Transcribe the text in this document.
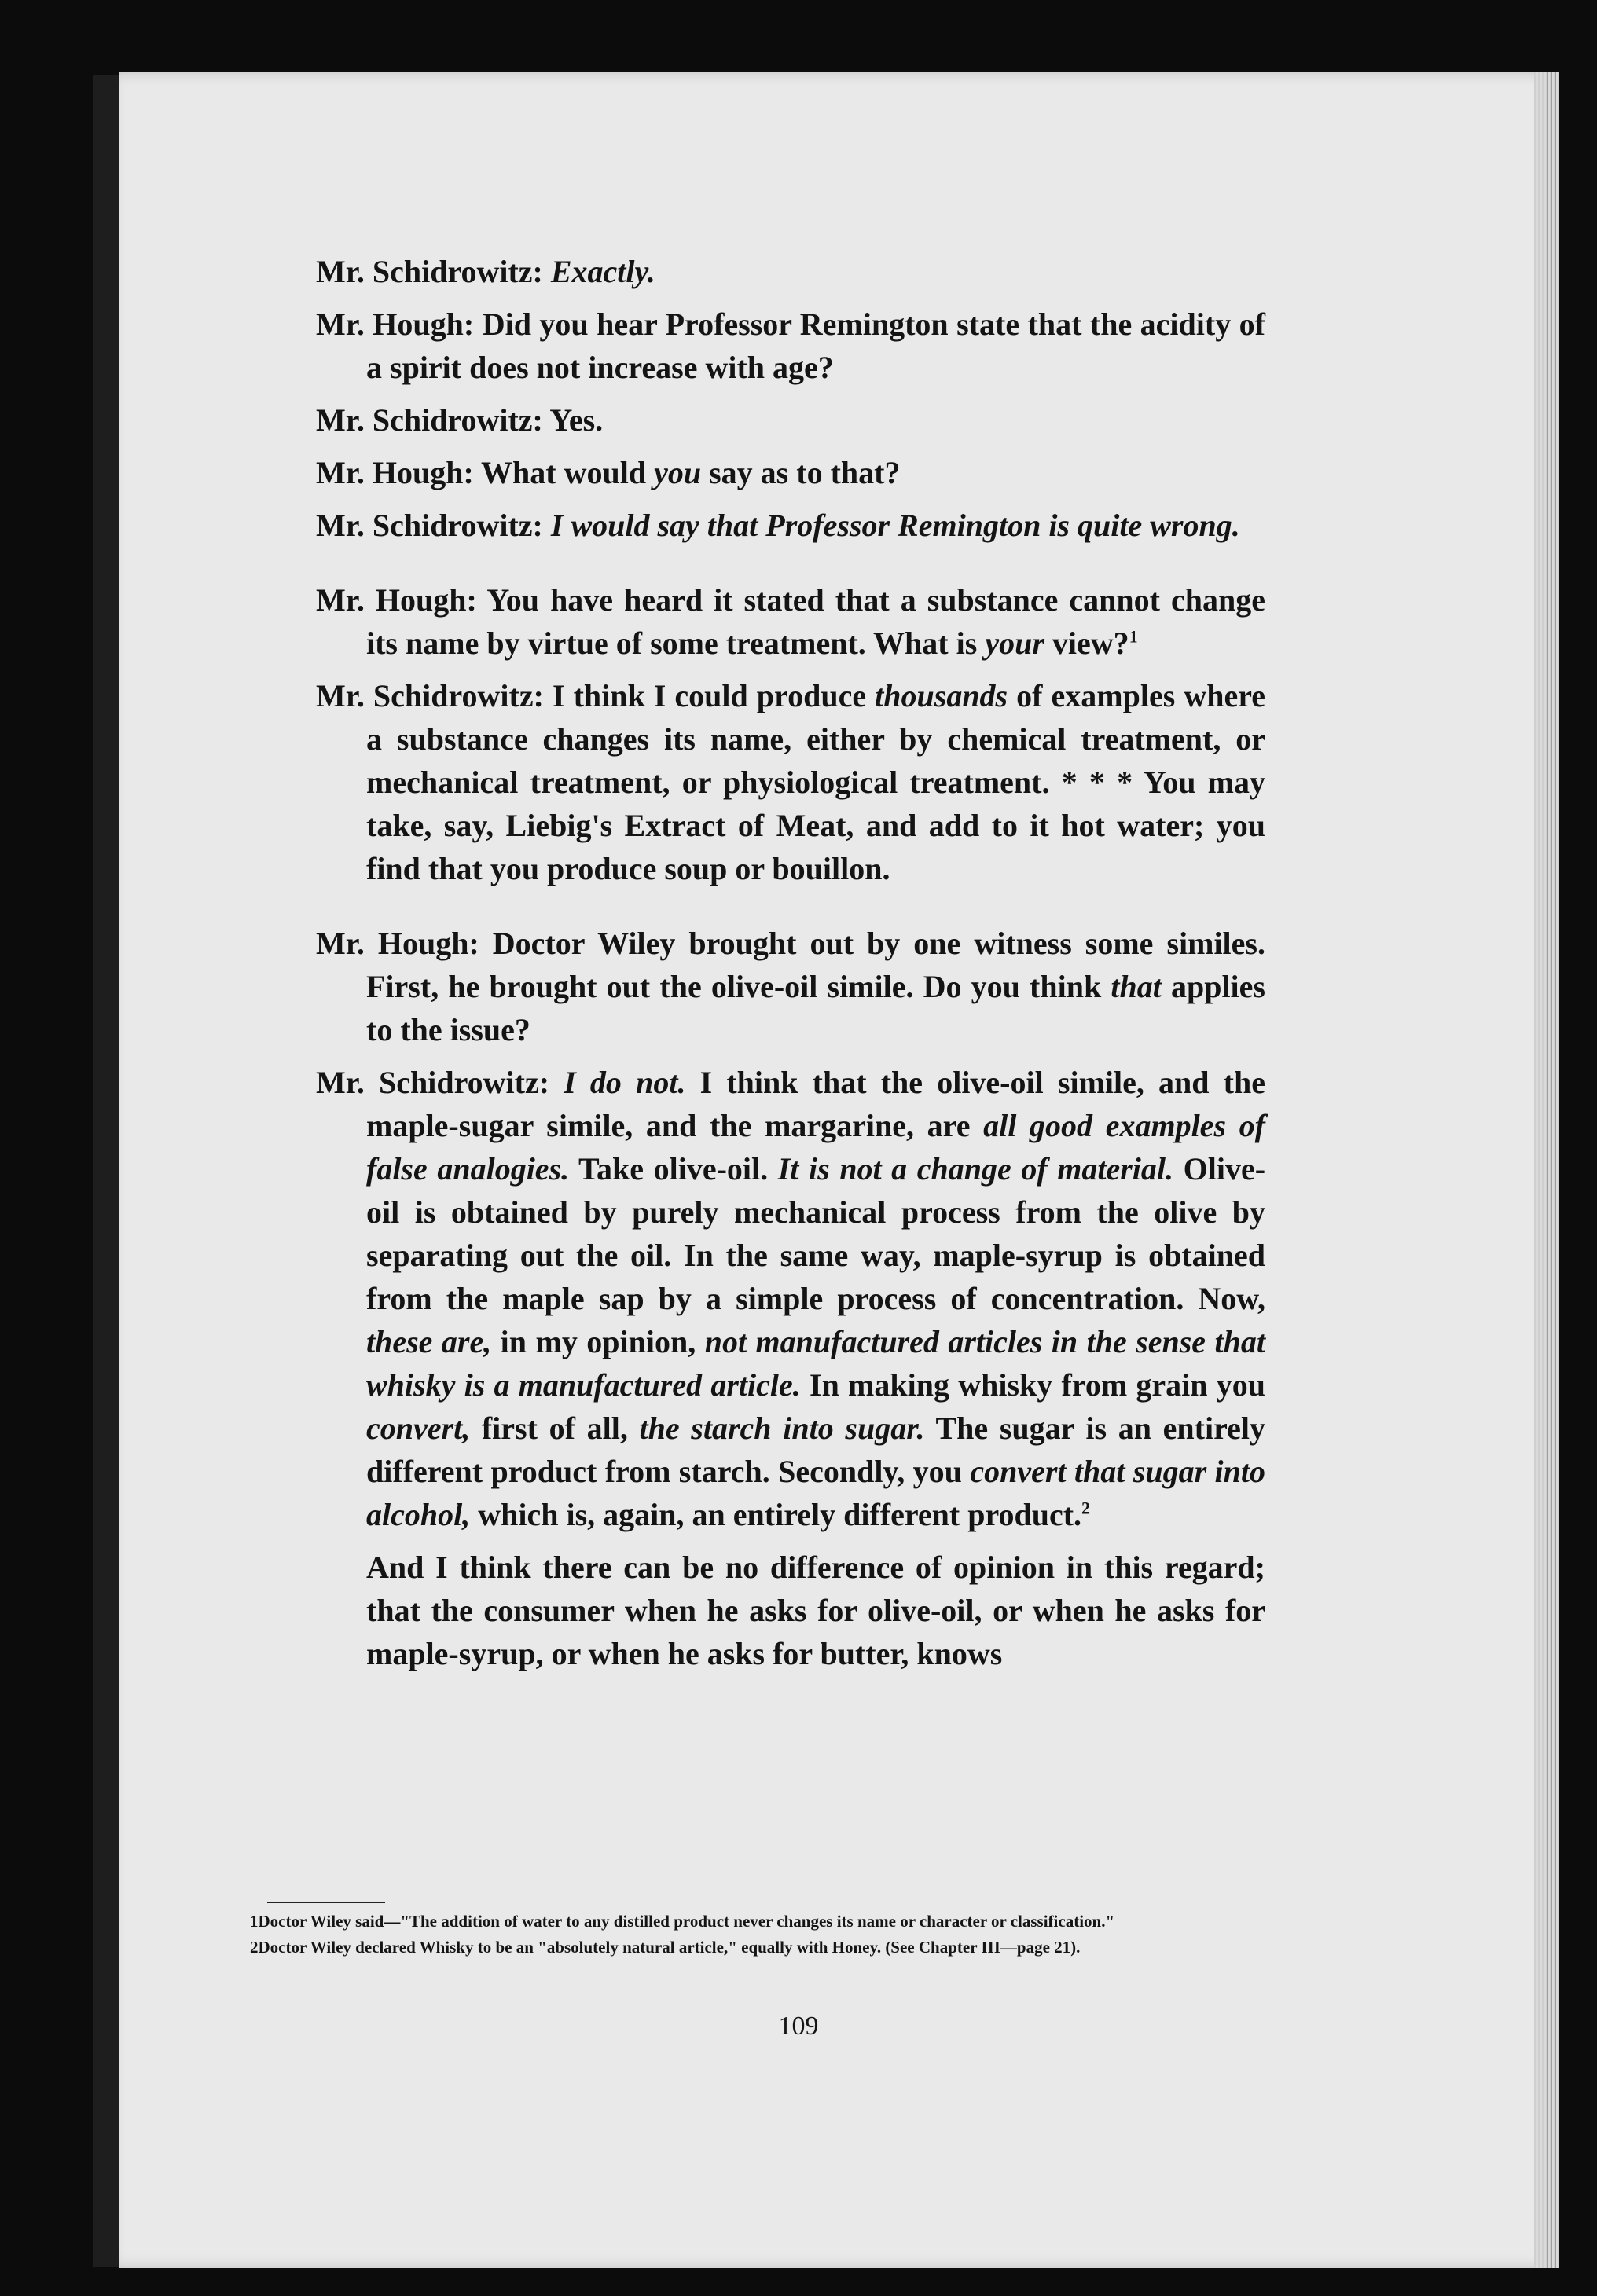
Mr. Schidrowitz: Exactly.
Mr. Hough: Did you hear Professor Remington state that the acidity of a spirit does not increase with age?
Mr. Schidrowitz: Yes.
Mr. Hough: What would you say as to that?
Mr. Schidrowitz: I would say that Professor Remington is quite wrong.
Mr. Hough: You have heard it stated that a substance cannot change its name by virtue of some treatment. What is your view?$^1$
Mr. Schidrowitz: I think I could produce thousands of examples where a substance changes its name, either by chemical treatment, or mechanical treatment, or physiological treatment. * * * You may take, say, Liebig's Extract of Meat, and add to it hot water; you find that you produce soup or bouillon.
Mr. Hough: Doctor Wiley brought out by one witness some similes. First, he brought out the olive-oil simile. Do you think that applies to the issue?
Mr. Schidrowitz: I do not. I think that the olive-oil simile, and the maple-sugar simile, and the margarine, are all good examples of false analogies. Take olive-oil. It is not a change of material. Olive-oil is obtained by purely mechanical process from the olive by separating out the oil. In the same way, maple-syrup is obtained from the maple sap by a simple process of concentration. Now, these are, in my opinion, not manufactured articles in the sense that whisky is a manufactured article. In making whisky from grain you convert, first of all, the starch into sugar. The sugar is an entirely different product from starch. Secondly, you convert that sugar into alcohol, which is, again, an entirely different product.$^2$
And I think there can be no difference of opinion in this regard; that the consumer when he asks for olive-oil, or when he asks for maple-syrup, or when he asks for butter, knows
1Doctor Wiley said—"The addition of water to any distilled product never changes its name or character or classification."
2Doctor Wiley declared Whisky to be an "absolutely natural article," equally with Honey. (See Chapter III—page 21).
109
